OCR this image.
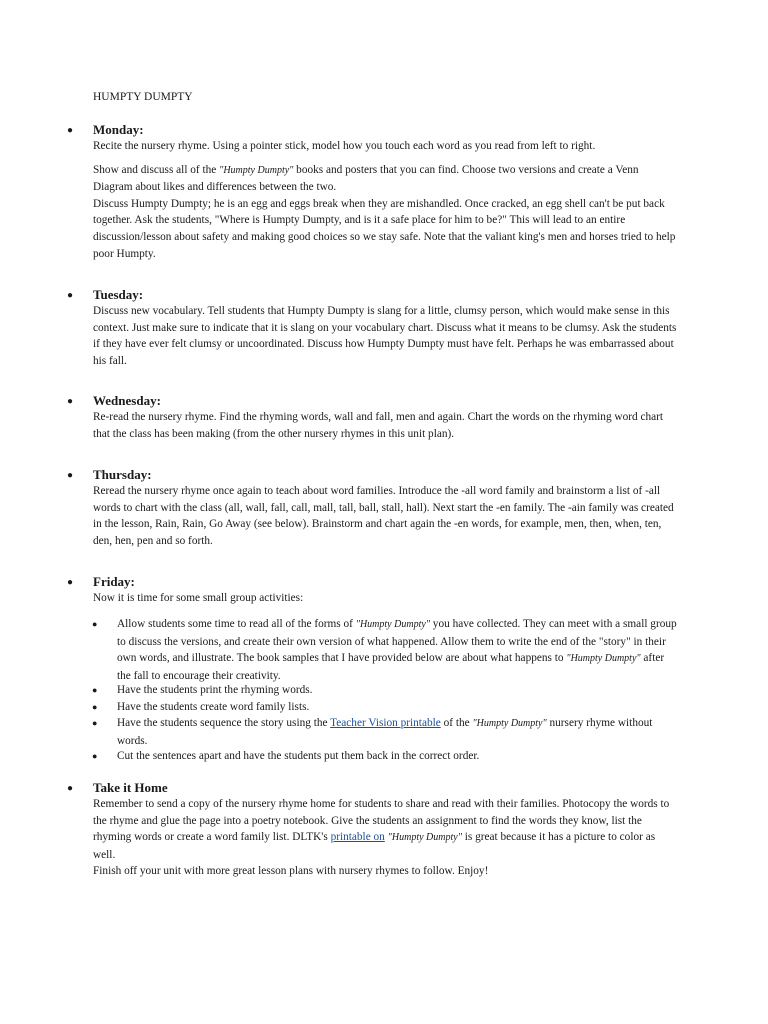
HUMPTY DUMPTY
● Monday:

Recite the nursery rhyme. Using a pointer stick, model how you touch each word as you read from left to right.

Show and discuss all of the "Humpty Dumpty" books and posters that you can find. Choose two versions and create a Venn Diagram about likes and differences between the two.

Discuss Humpty Dumpty; he is an egg and eggs break when they are mishandled. Once cracked, an egg shell can't be put back together. Ask the students, "Where is Humpty Dumpty, and is it a safe place for him to be?" This will lead to an entire discussion/lesson about safety and making good choices so we stay safe. Note that the valiant king's men and horses tried to help poor Humpty.

● Tuesday:

Discuss new vocabulary. Tell students that Humpty Dumpty is slang for a little, clumsy person, which would make sense in this context. Just make sure to indicate that it is slang on your vocabulary chart. Discuss what it means to be clumsy. Ask the students if they have ever felt clumsy or uncoordinated. Discuss how Humpty Dumpty must have felt. Perhaps he was embarrassed about his fall.

● Wednesday:

Re-read the nursery rhyme. Find the rhyming words, wall and fall, men and again. Chart the words on the rhyming word chart that the class has been making (from the other nursery rhymes in this unit plan).

● Thursday:

Reread the nursery rhyme once again to teach about word families. Introduce the -all word family and brainstorm a list of -all words to chart with the class (all, wall, fall, call, mall, tall, ball, stall, hall). Next start the -en family. The -ain family was created in the lesson, Rain, Rain, Go Away (see below). Brainstorm and chart again the -en words, for example, men, then, when, ten, den, hen, pen and so forth.

● Friday:

Now it is time for some small group activities:

● Allow students some time to read all of the forms of "Humpty Dumpty" you have collected. They can meet with a small group to discuss the versions, and create their own version of what happened. Allow them to write the end of the "story" in their own words, and illustrate. The book samples that I have provided below are about what happens to "Humpty Dumpty" after the fall to encourage their creativity.
● Have the students print the rhyming words.
● Have the students create word family lists.
● Have the students sequence the story using the Teacher Vision printable of the "Humpty Dumpty" nursery rhyme without words.
● Cut the sentences apart and have the students put them back in the correct order.
● Take it Home

Remember to send a copy of the nursery rhyme home for students to share and read with their families. Photocopy the words to the rhyme and glue the page into a poetry notebook. Give the students an assignment to find the words they know, list the rhyming words or create a word family list. DLTK's printable on "Humpty Dumpty" is great because it has a picture to color as well.

Finish off your unit with more great lesson plans with nursery rhymes to follow. Enjoy!
